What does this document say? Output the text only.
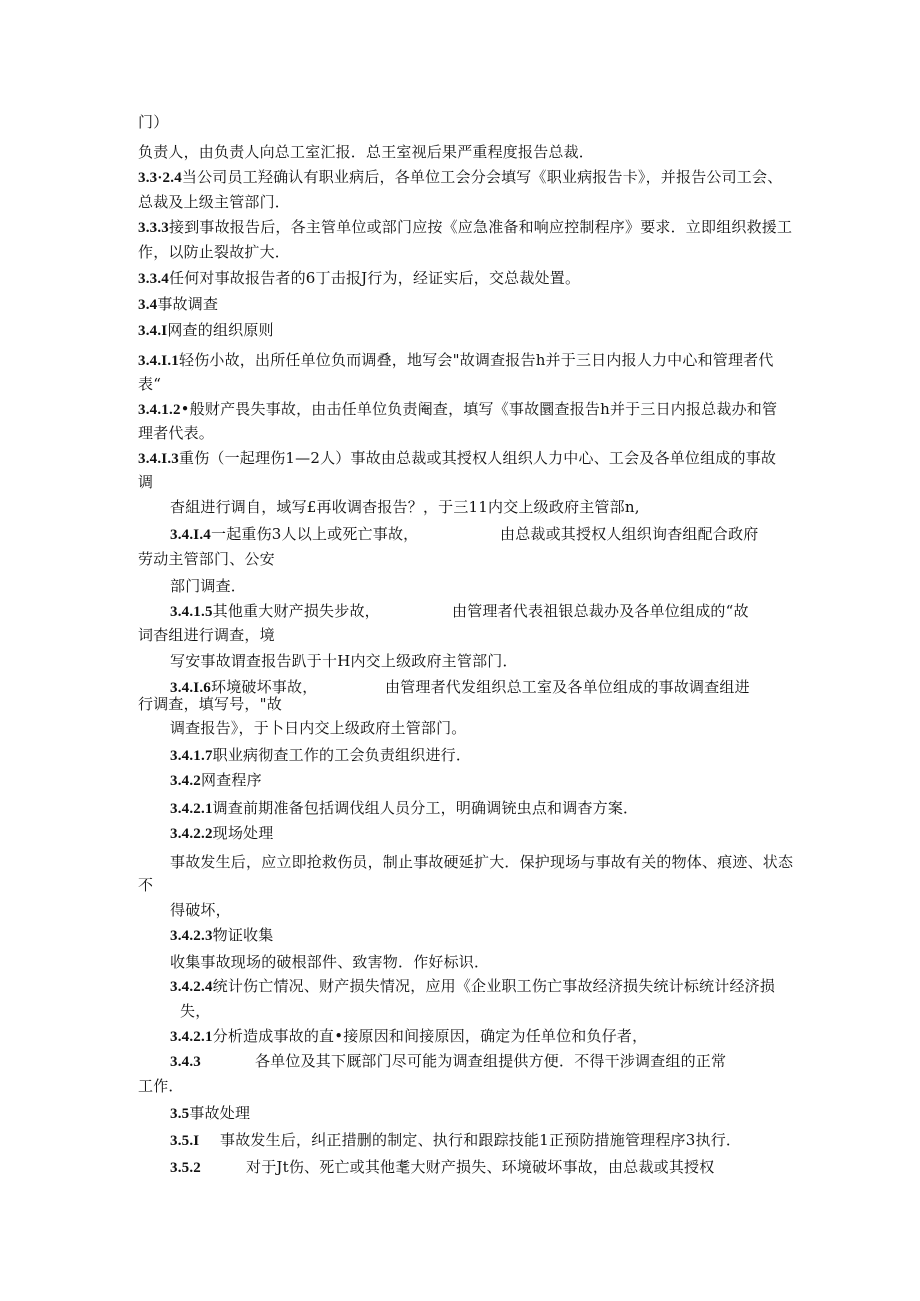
门）
负责人，由负责人向总工室汇报．总王室视后果严重程度报告总裁．
3.3·2.4当公司员工羟确认有职业病后，各单位工会分会填写《职业病报告卡》，并报告公司工会、
总裁及上级主管部门．
3.3.3接到事故报告后，各主管单位或部门应按《应急准备和响应控制程序》要求．立即组织救援工
作，以防止裂故扩大．
3.3.4任何对事故报告者的6丁击报J行为，经证实后，交总裁处置。
3.4事故调查
3.4.I网查的组织原则
3.4.I.1轻伤小故，出所任单位负而调叠，地写会"故调查报告h并于三日内报人力中心和管理者代
表“
3.4.1.2•般财产畏失事故，由击任单位负责阉查，填写《事故圜查报告h并于三日内报总裁办和管
理者代表。
3.4.I.3重伤（一起理伤1—2人）事故由总裁或其授权人组织人力中心、工会及各单位组成的事故
调
杳組进行调自，域写£再收调杳报告？，于三11内交上级政府主管部n,
3.4.I.4一起重伤3人以上或死亡事故，	由总裁或其授权人组织询杳组配合政府
劳动主管部门、公安
部门调查．
3.4.1.5其他重大财产损失步故，	由管理者代表祖银总裁办及各单位组成的“故
词杳组进行调查，境
写安事故谓查报告趴于十H内交上级政府主管部门．
3.4.I.6环境破坏事故，	由管理者代发组织总工室及各单位组成的事故调查组进
行调查，填写号，"故
调查报告》，于卜日内交上级政府土管部门。
3.4.1.7职业病彻查工作的工会负责组织进行．
3.4.2网查程序
3.4.2.1调查前期准备包括调伐组人员分工，明确调铳虫点和调杳方案．
3.4.2.2现场处理
事故发生后，应立即抢救伤员，制止事故硬延扩大．保护现场与事故有关的物体、痕迹、状态
不
得破坏，
3.4.2.3物证收集
收集事故现场的破根部件、致害物．作好标识．
3.4.2.4统计伤亡情况、财产损失情况，应用《企业职工伤亡事故经济损失统计标统计经济损
失，
3.4.2.1分析造成事故的直•接原因和间接原因，确定为任单位和负仔者，
3.4.3	各单位及其下厩部门尽可能为调查组提供方便．不得干涉调查组的正常
工作．
3.5事故处理
3.5.I 事故发生后，纠正措删的制定、执行和跟踪技能1正预防措施管理程序3执行．
3.5.2	对于Jt伤、死亡或其他耄大财产损失、环境破坏事故，由总裁或其授权
